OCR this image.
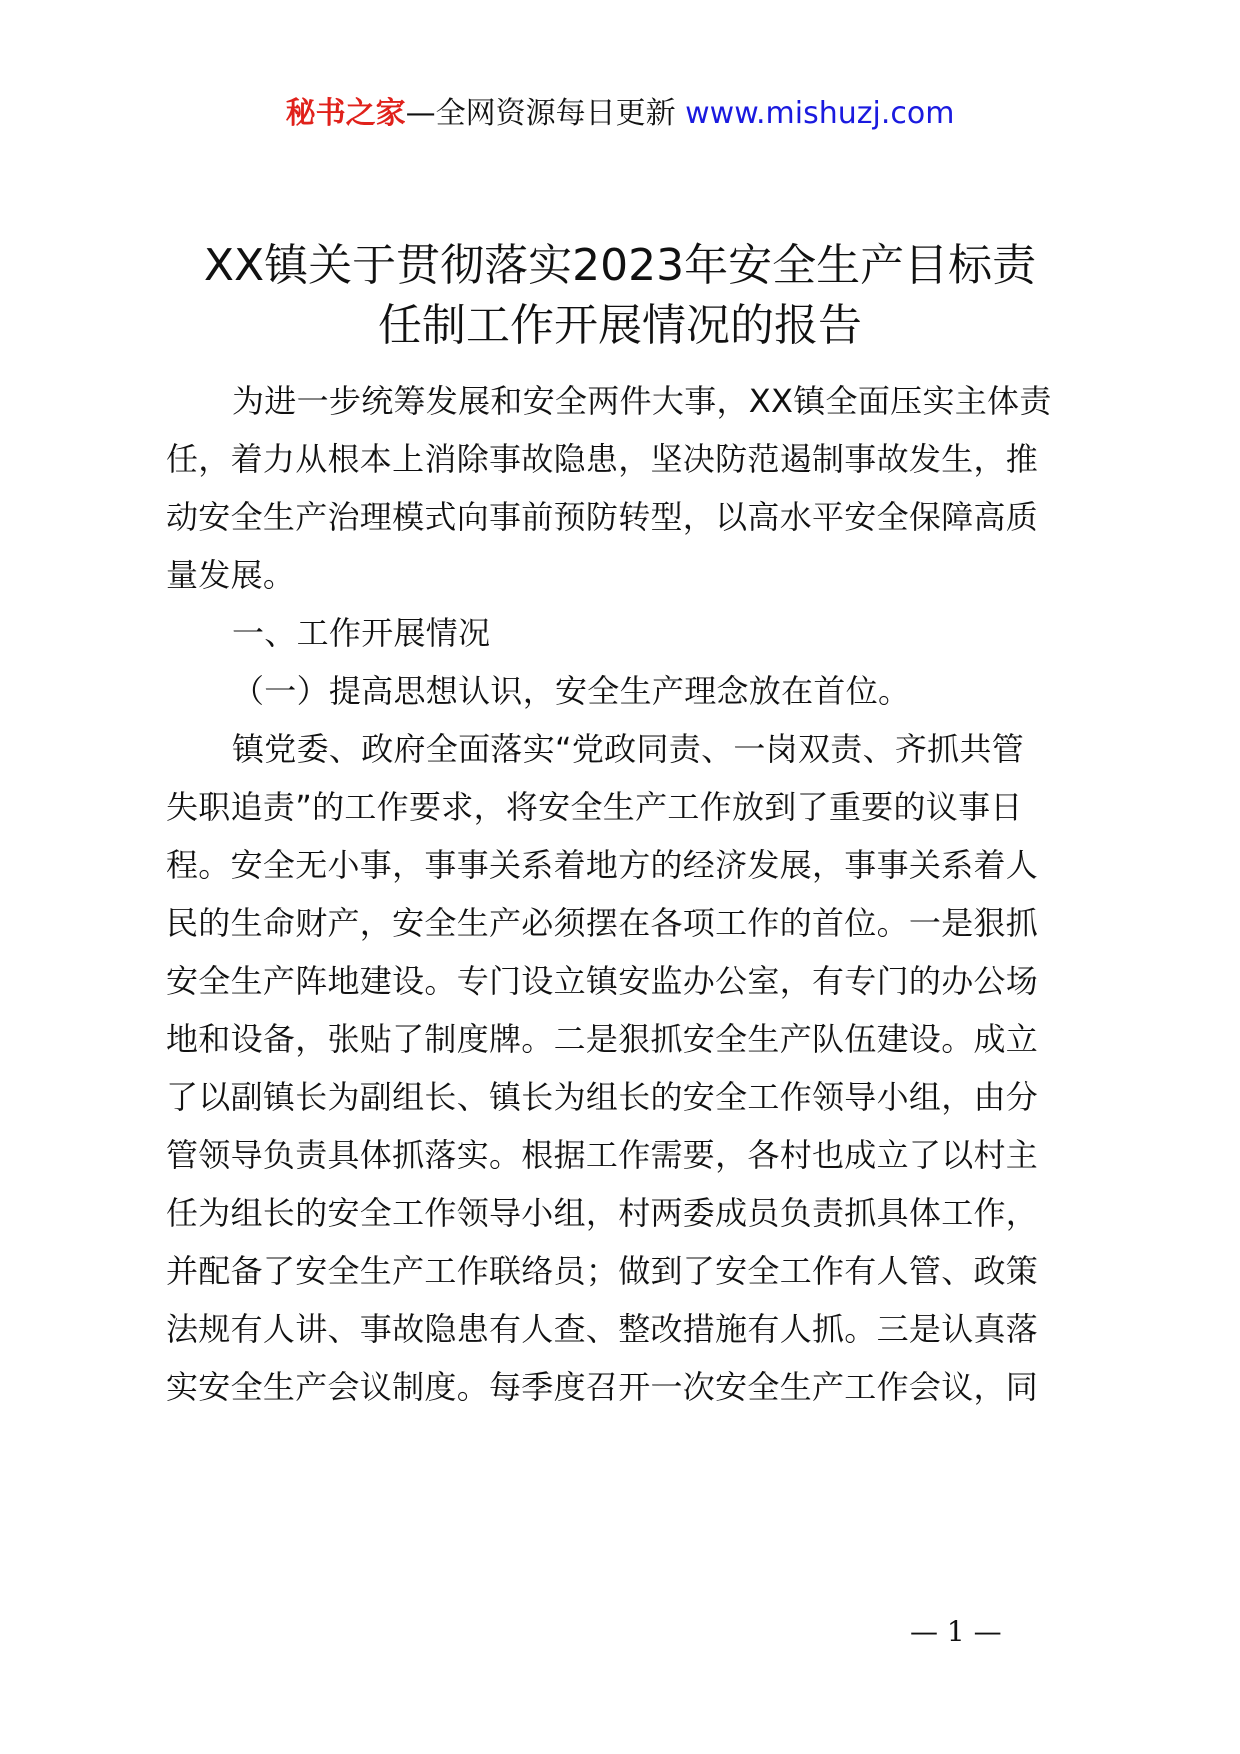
秘书之家—全网资源每日更新 www.mishuzj.com
XX镇关于贯彻落实2023年安全生产目标责
任制工作开展情况的报告
为进一步统筹发展和安全两件大事，XX镇全面压实主体责
任，着力从根本上消除事故隐患，坚决防范遏制事故发生，推
动安全生产治理模式向事前预防转型，以高水平安全保障高质
量发展。
一、工作开展情况
（一）提高思想认识，安全生产理念放在首位。
镇党委、政府全面落实“党政同责、一岗双责、齐抓共管
失职追责”的工作要求，将安全生产工作放到了重要的议事日
程。安全无小事，事事关系着地方的经济发展，事事关系着人
民的生命财产，安全生产必须摆在各项工作的首位。一是狠抓
安全生产阵地建设。专门设立镇安监办公室，有专门的办公场
地和设备，张贴了制度牌。二是狠抓安全生产队伍建设。成立
了以副镇长为副组长、镇长为组长的安全工作领导小组，由分
管领导负责具体抓落实。根据工作需要，各村也成立了以村主
任为组长的安全工作领导小组，村两委成员负责抓具体工作，
并配备了安全生产工作联络员；做到了安全工作有人管、政策
法规有人讲、事故隐患有人查、整改措施有人抓。三是认真落
实安全生产会议制度。每季度召开一次安全生产工作会议，同
— 1 —
